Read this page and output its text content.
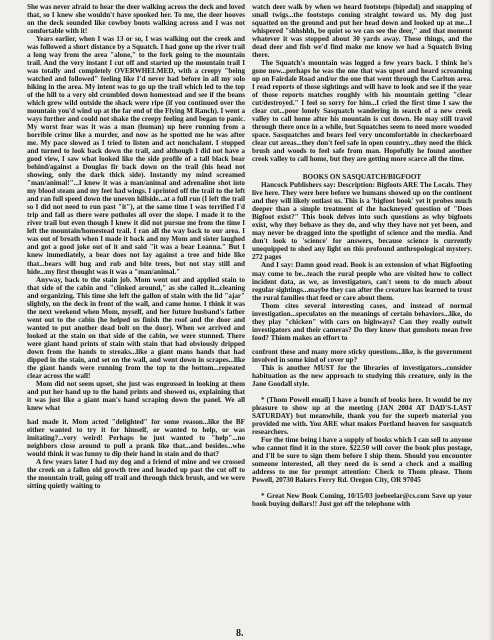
She was never afraid to hear the deer walking across the deck and loved that, so I knew she wouldn't have spooked her. To me, the deer hooves on the deck sounded like cowboy boots walking across and I was not comfortable with it!

Years earlier, when I was 13 or so, I was walking out the creek and was followed a short distance by a Squatch. I had gone up the river trail a long way from the area "alone," to the fork going to the mountain trail. And the very instant I cut off and started up the mountain trail I was totally and completely OVERWHELMED, with a creepy "being watched and followed" feeling like I'd never had before in all my solo hiking in the area. My intent was to go up the trail which led to the top of the hill to a very old crumbled down homestead and see if the beans which grew wild outside the shack were ripe (if you continued over the mountain you'd wind up at the far end of the Flying M Ranch). I went a ways further and could not shake the creepy feeling and began to panic. My worst fear was it was a man (human) up here running from a horrible crime like a murder, and now as he spotted me he was after me. My pace slowed as I tried to listen and act nonchalant. I stopped and turned to look back down the trail, and although I did not have a good view, I saw what looked like the side profile of a tall black bear behind/against a Douglas fir back down on the trail (his head not showing, only the dark thick side). Instantly my mind screamed "man/animal!"...I knew it was a man/animal and adrenaline shot into my blood steam and my feet had wings. I sprinted off the trail to the left and ran full speed down the uneven hillside...at a full run (I left the trail so I did not need to run past "it"), at the same time I was terrified I'd trip and fall as there were potholes all over the slope. I made it to the river trail but even though I knew it did not pursue me from the time I left the mountain/homestead trail. I ran all the way back to our area. I was out of breath when I made it back and my Mom and sister laughed and got a good joke out of it and said "it was a bear Leanna." But I knew immediately, a bear does not lay against a tree and hide like that...bears will hug and rub and bite trees, but not stay still and hide...my first thought was it was a "man/animal."

Anyway, back to the stain job. Mom went out and applied stain to that side of the cabin and "clinked around," as she called it...cleaning and organizing. This time she left the gallon of stain with the lid "ajar" slightly, on the deck in front of the wall, and came home. I think it was the next weekend when Mom, myself, and her future husband's father went out to the cabin (he helped us finish the roof and the door and wanted to put another dead bolt on the door). When we arrived and looked at the stain on that side of the cabin, we were stunned. There were giant hand prints of stain with stain that had obviously dripped down from the hands to streaks...like a giant mans hands that had dipped in the stain, and set on the wall, and went down in scrapes...like the giant hands were running from the top to the bottom...repeated clear across the wall!

Mom did not seem upset, she just was engrossed in looking at them and put her hand up to the hand prints and showed us, explaining that it was just like a giant man's hand scraping down the panel. We all knew what

had made it. Mom acted "delighted" for some reason...like the BF either wanted to try it for himself, or wanted to help, or was imitating?...very weird! Perhaps he just wanted to "help"...no neighbors close around to pull a prank like that...and besides...who would think it was funny to dip their hand in stain and do that?

A few years later I had my dog and a friend of mine and we crossed the creek on a fallen old growth tree and headed up past the cut off to the mountain trail, going off trail and through thick brush, and we were sitting quietly waiting to

watch deer walk by when we heard footsteps (bipedal) and snapping of small twigs...the footsteps coming straight toward us. My dog just squatted on the ground and put her head down and looked up at me...I whispered "shhshhh, be quiet so we can see the deer," and that moment whatever it was stopped about 30 yards away. These things, and the dead deer and fish we'd find make me know we had a Squatch living there.

The Squatch's mountain was logged a few years back. I think he's gone now...perhaps he was the one that was upset and heard screaming up on Fairdale Road and/or the one that went through the Carlton area. I read reports of those sightings and will have to look and see if the year of those reports matches roughly with his mountain getting "clear cut/destroyed." I feel so sorry for him...I cried the first time I saw the clear cut...poor lonely Sasquatch wandering in search of a new creek valley to call home after his mountain is cut down. He may still travel through there once in a while, but Squatches seem to need more wooded space. Sasquatches and bears feel very uncomfortable in checkerboard clear cut areas...they don't feel safe in open country...they need the thick brush and woods to feel safe from man. Hopefully he found another creek valley to call home, but they are getting more scarce all the time.

BOOKS ON SASQUATCH/BIGFOOT

Hancock Publishers say: Description: Bigfoots ARE The Locals. They live here. They were here before we humans showed up on the continent and they will likely outlast us. This is a 'bigfoot book' yet it probes much deeper than a simple treatment of the hackneyed question of "Does Bigfoot exist?" This book delves into such questions as why bigfoots exist, why they behave as they do, and why they have not yet been, and may never be dragged into the spotlight of science and the media. And don't look to 'science' for answers, because science is currently unequipped to shed any light on this profound anthropological mystery. 272 pages

And I say: Damn good read. Book is an extension of what Bigfooting may come to be...teach the rural people who are visited how to collect incident data, as we, as investigators, can't seem to do much about regular sightings...maybe they can after the creature has learned to trust the rural families that feed or care about them.

Thom cites several interesting cases, and instead of normal investigation...speculates on the meanings of certain behaviors...like, do they play "chicken" with cars on highways? Can they really outwit investigators and their cameras? Do they know that gunshots mean free food? Thiom makes an effort to

confront these and many more sticky questions...like, is the government involved in some kind of cover up?

This is another MUST for the libraries of investigators...consider habituation as the new approach to studying this creature, only in the Jane Goodall style.

* (Thom Powell email) I have a bunch of books here. It would be my pleasure to show up at the meeting (JAN 2004 AT DAD'S-LAST SATURDAY) but meanwhile, thank you for the superb material you provided me with. You ARE what makes Portland heaven for sasquatch researchers.

For the time being i have a supply of books which I can sell to anyone who cannot find it in the store. $22.50 will cover the book plus postage, and I'll be sure to sign them before I ship them. Should you encounter someone interested, all they need do is send a check and a mailing address to me for prompt attention: Check to Thom please. Thom Powell, 20730 Bakers Ferry Rd. Oregon City, OR 97045

* Great New Book Coming, 10/15/03 joebeelar@cs.com Save up your book buying dollars!! Just got off the telephone with

8.
